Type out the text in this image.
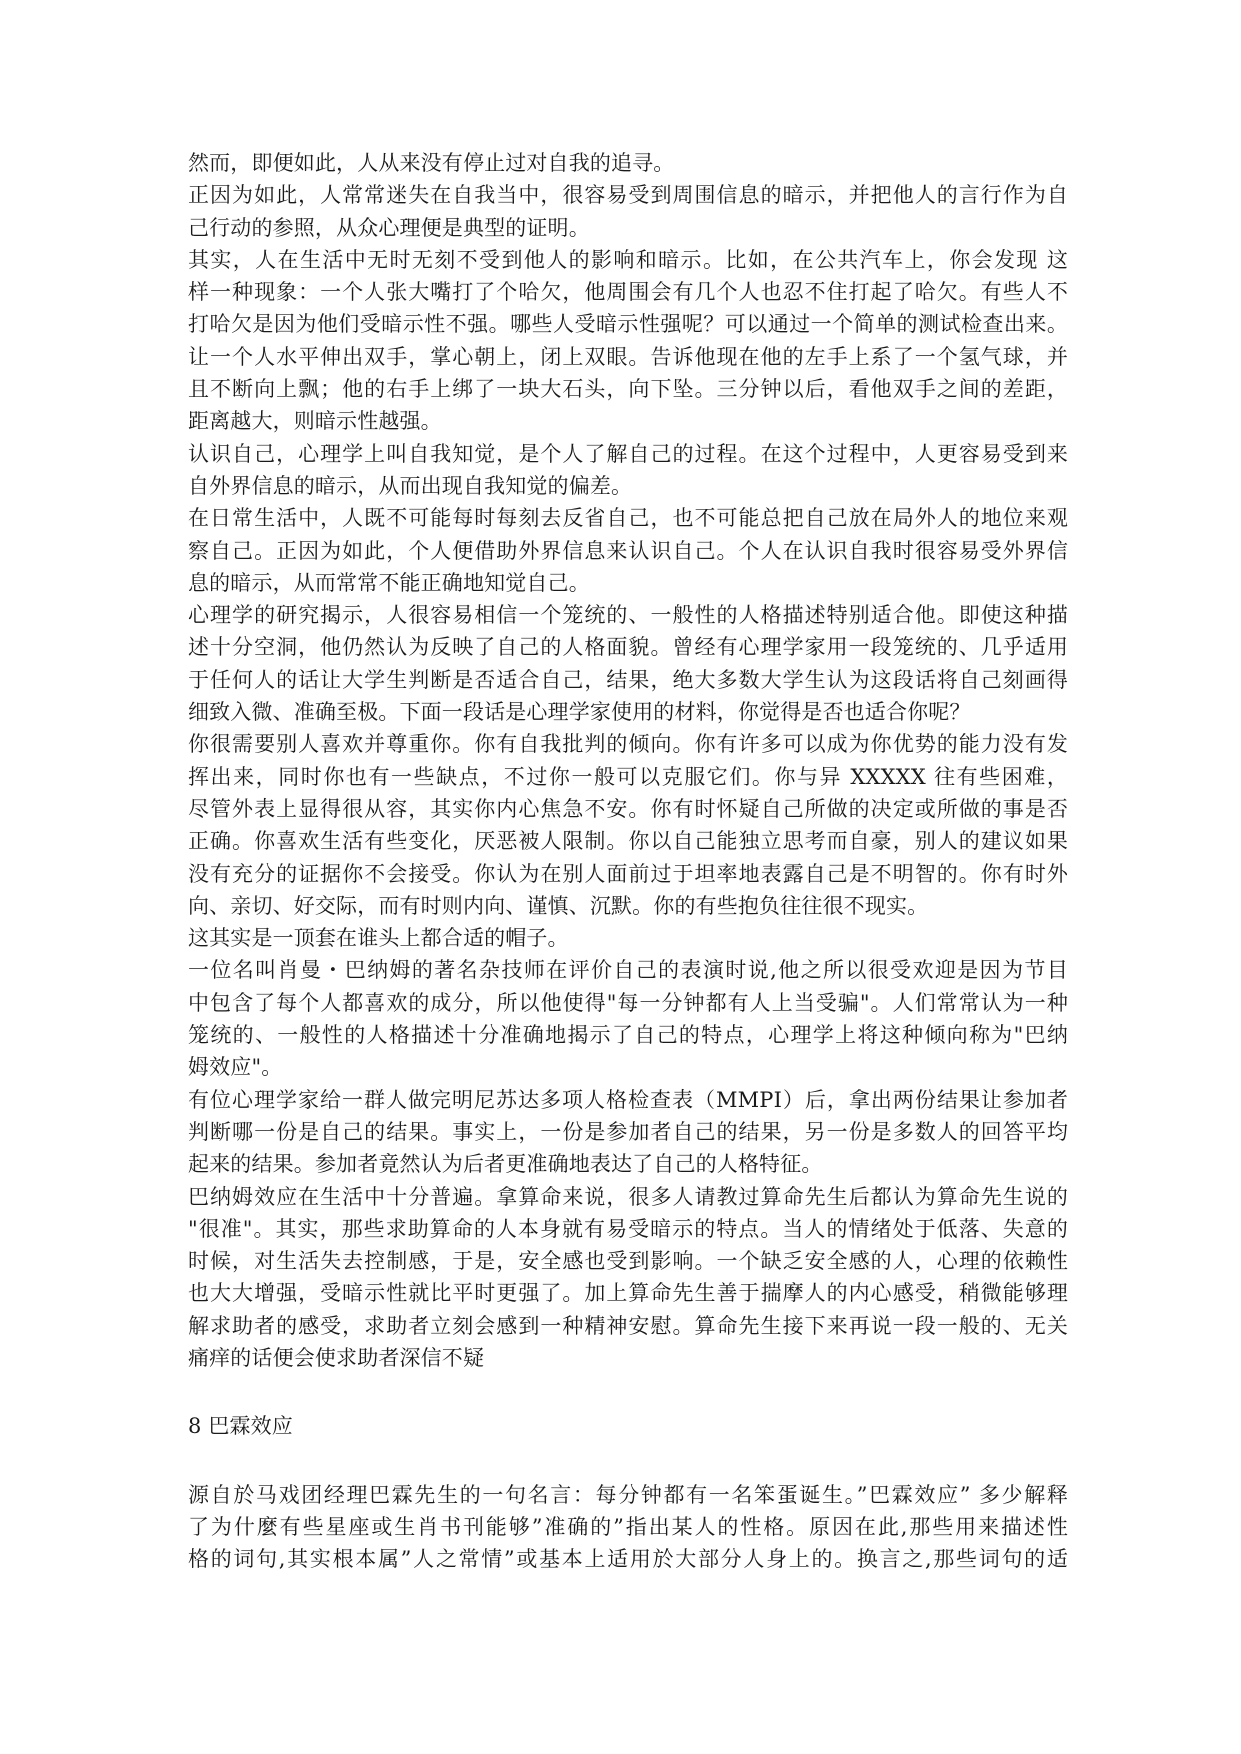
然而，即便如此，人从来没有停止过对自我的追寻。
正因为如此，人常常迷失在自我当中，很容易受到周围信息的暗示，并把他人的言行作为自
己行动的参照，从众心理便是典型的证明。
其实，人在生活中无时无刻不受到他人的影响和暗示。比如，在公共汽车上，你会发现 这
样一种现象：一个人张大嘴打了个哈欠，他周围会有几个人也忍不住打起了哈欠。有些人不
打哈欠是因为他们受暗示性不强。哪些人受暗示性强呢？可以通过一个简单的测试检查出来。
让一个人水平伸出双手，掌心朝上，闭上双眼。告诉他现在他的左手上系了一个氢气球，并
且不断向上飘；他的右手上绑了一块大石头，向下坠。三分钟以后，看他双手之间的差距，
距离越大，则暗示性越强。
认识自己，心理学上叫自我知觉，是个人了解自己的过程。在这个过程中，人更容易受到来
自外界信息的暗示，从而出现自我知觉的偏差。
在日常生活中，人既不可能每时每刻去反省自己，也不可能总把自己放在局外人的地位来观
察自己。正因为如此，个人便借助外界信息来认识自己。个人在认识自我时很容易受外界信
息的暗示，从而常常不能正确地知觉自己。
心理学的研究揭示，人很容易相信一个笼统的、一般性的人格描述特别适合他。即使这种描
述十分空洞，他仍然认为反映了自己的人格面貌。曾经有心理学家用一段笼统的、几乎适用
于任何人的话让大学生判断是否适合自己，结果，绝大多数大学生认为这段话将自己刻画得
细致入微、准确至极。下面一段话是心理学家使用的材料，你觉得是否也适合你呢？
你很需要别人喜欢并尊重你。你有自我批判的倾向。你有许多可以成为你优势的能力没有发
挥出来，同时你也有一些缺点，不过你一般可以克服它们。你与异 XXXXX 往有些困难，
尽管外表上显得很从容，其实你内心焦急不安。你有时怀疑自己所做的决定或所做的事是否
正确。你喜欢生活有些变化，厌恶被人限制。你以自己能独立思考而自豪，别人的建议如果
没有充分的证据你不会接受。你认为在别人面前过于坦率地表露自己是不明智的。你有时外
向、亲切、好交际，而有时则内向、谨慎、沉默。你的有些抱负往往很不现实。
这其实是一顶套在谁头上都合适的帽子。
一位名叫肖曼・巴纳姆的著名杂技师在评价自己的表演时说,他之所以很受欢迎是因为节目
中包含了每个人都喜欢的成分，所以他使得"每一分钟都有人上当受骗"。人们常常认为一种
笼统的、一般性的人格描述十分准确地揭示了自己的特点，心理学上将这种倾向称为"巴纳
姆效应"。
有位心理学家给一群人做完明尼苏达多项人格检查表（MMPI）后，拿出两份结果让参加者
判断哪一份是自己的结果。事实上，一份是参加者自己的结果，另一份是多数人的回答平均
起来的结果。参加者竟然认为后者更准确地表达了自己的人格特征。
巴纳姆效应在生活中十分普遍。拿算命来说，很多人请教过算命先生后都认为算命先生说的
"很准"。其实，那些求助算命的人本身就有易受暗示的特点。当人的情绪处于低落、失意的
时候，对生活失去控制感，于是，安全感也受到影响。一个缺乏安全感的人，心理的依赖性
也大大增强，受暗示性就比平时更强了。加上算命先生善于揣摩人的内心感受，稍微能够理
解求助者的感受，求助者立刻会感到一种精神安慰。算命先生接下来再说一段一般的、无关
痛痒的话便会使求助者深信不疑
8 巴霖效应
源自於马戏团经理巴霖先生的一句名言：每分钟都有一名笨蛋诞生。”巴霖效应” 多少解释
了为什麼有些星座或生肖书刊能够”准确的”指出某人的性格。原因在此,那些用来描述性
格的词句,其实根本属”人之常情”或基本上适用於大部分人身上的。换言之,那些词句的适
